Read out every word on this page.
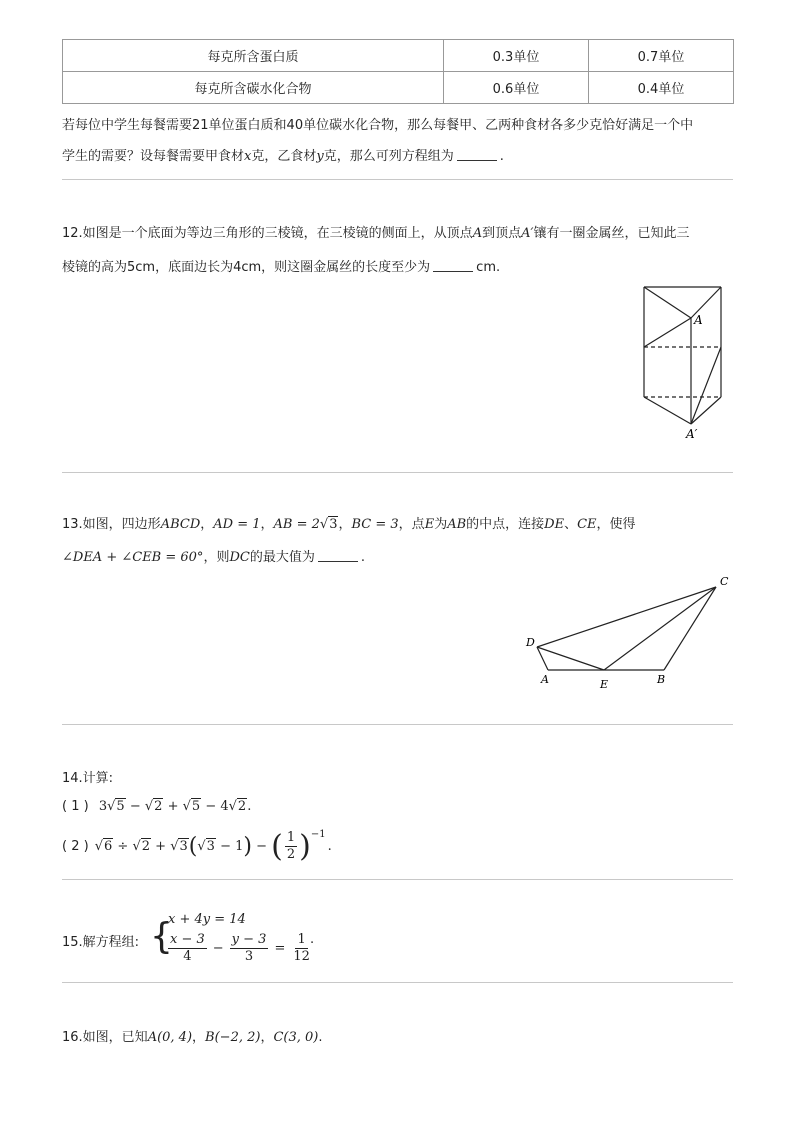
每克所含蛋白质	0.3单位	0.7单位
每克所含碳水化合物	0.6单位	0.4单位
若每位中学生每餐需要21单位蛋白质和40单位碳水化合物，那么每餐甲、乙两种食材各多少克恰好满足一个中
学生的需要？设每餐需要甲食材x克，乙食材y克，那么可列方程组为	.
12.如图是一个底面为等边三角形的三棱镜，在三棱镜的侧面上，从顶点A到顶点A′镶有一圈金属丝，已知此三
棱镜的高为5cm，底面边长为4cm，则这圈金属丝的长度至少为	cm.
A
A′
13.如图，四边形ABCD，AD = 1，AB = 2√3，BC = 3，点E为AB的中点，连接DE、CE，使得
∠DEA + ∠CEB = 60°，则DC的最大值为	.
C
D
A	E	B
14.计算:
( 1 ) 3√5 − √2 + √5 − 4√2.
( 2 ) √ 6 ÷ √ 2 + √ 3 ( √ 3 − 1 ) − ( $\frac{1}{2} )^{-1}$
.
15.解方程组: {
x + 4y = 14
$\frac{x - 3}{4} - \frac{y - 3}{3} = \frac{1}{12}$
.
16.如图，已知A(0, 4)，B(−2, 2)，C(3, 0).
